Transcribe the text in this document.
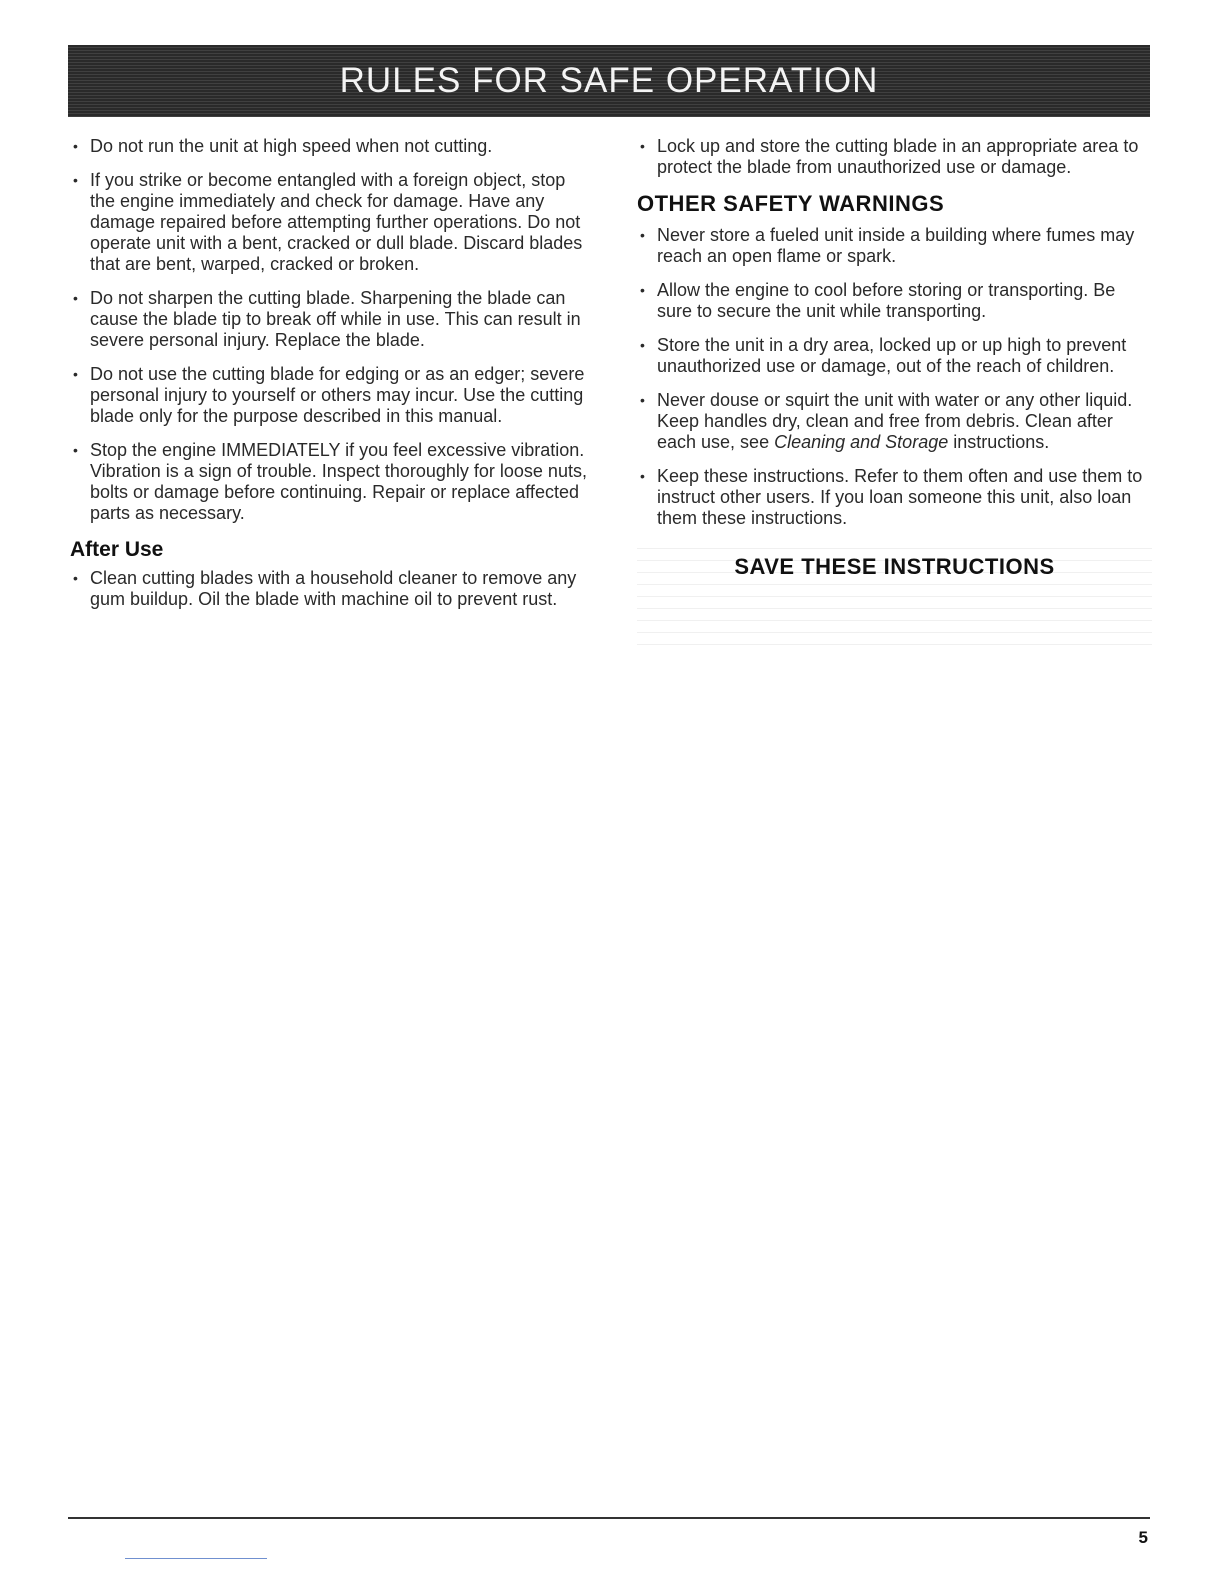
RULES FOR SAFE OPERATION
• Do not run the unit at high speed when not cutting.
• If you strike or become entangled with a foreign object, stop the engine immediately and check for damage. Have any damage repaired before attempting further operations. Do not operate unit with a bent, cracked or dull blade. Discard blades that are bent, warped, cracked or broken.
• Do not sharpen the cutting blade. Sharpening the blade can cause the blade tip to break off while in use. This can result in severe personal injury. Replace the blade.
• Do not use the cutting blade for edging or as an edger; severe personal injury to yourself or others may incur. Use the cutting blade only for the purpose described in this manual.
• Stop the engine IMMEDIATELY if you feel excessive vibration. Vibration is a sign of trouble. Inspect thoroughly for loose nuts, bolts or damage before continuing. Repair or replace affected parts as necessary.
After Use
• Clean cutting blades with a household cleaner to remove any gum buildup. Oil the blade with machine oil to prevent rust.
• Lock up and store the cutting blade in an appropriate area to protect the blade from unauthorized use or damage.
OTHER SAFETY WARNINGS
• Never store a fueled unit inside a building where fumes may reach an open flame or spark.
• Allow the engine to cool before storing or transporting. Be sure to secure the unit while transporting.
• Store the unit in a dry area, locked up or up high to prevent unauthorized use or damage, out of the reach of children.
• Never douse or squirt the unit with water or any other liquid. Keep handles dry, clean and free from debris. Clean after each use, see Cleaning and Storage instructions.
• Keep these instructions. Refer to them often and use them to instruct other users. If you loan someone this unit, also loan them these instructions.
SAVE THESE INSTRUCTIONS
5
